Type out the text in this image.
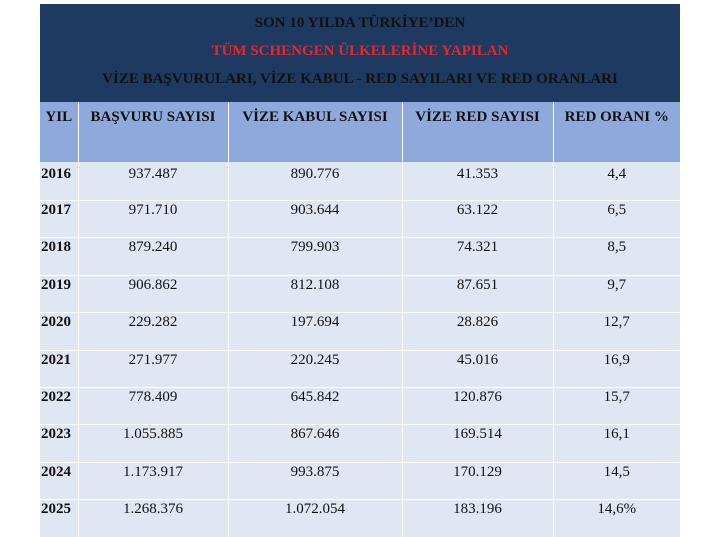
SON 10 YILDA TÜRKİYE’DEN
TÜM SCHENGEN ÜLKELERİNE YAPILAN
VİZE BAŞVURULARI, VİZE KABUL - RED SAYILARI VE RED ORANLARI
YIL	BAŞVURU SAYISI	VİZE KABUL SAYISI	VİZE RED SAYISI	RED ORANI %
2016	937.487	890.776	41.353	4,4
2017	971.710	903.644	63.122	6,5
2018	879.240	799.903	74.321	8,5
2019	906.862	812.108	87.651	9,7
2020	229.282	197.694	28.826	12,7
2021	271.977	220.245	45.016	16,9
2022	778.409	645.842	120.876	15,7
2023	1.055.885	867.646	169.514	16,1
2024	1.173.917	993.875	170.129	14,5
2025	1.268.376	1.072.054	183.196	14,6%
